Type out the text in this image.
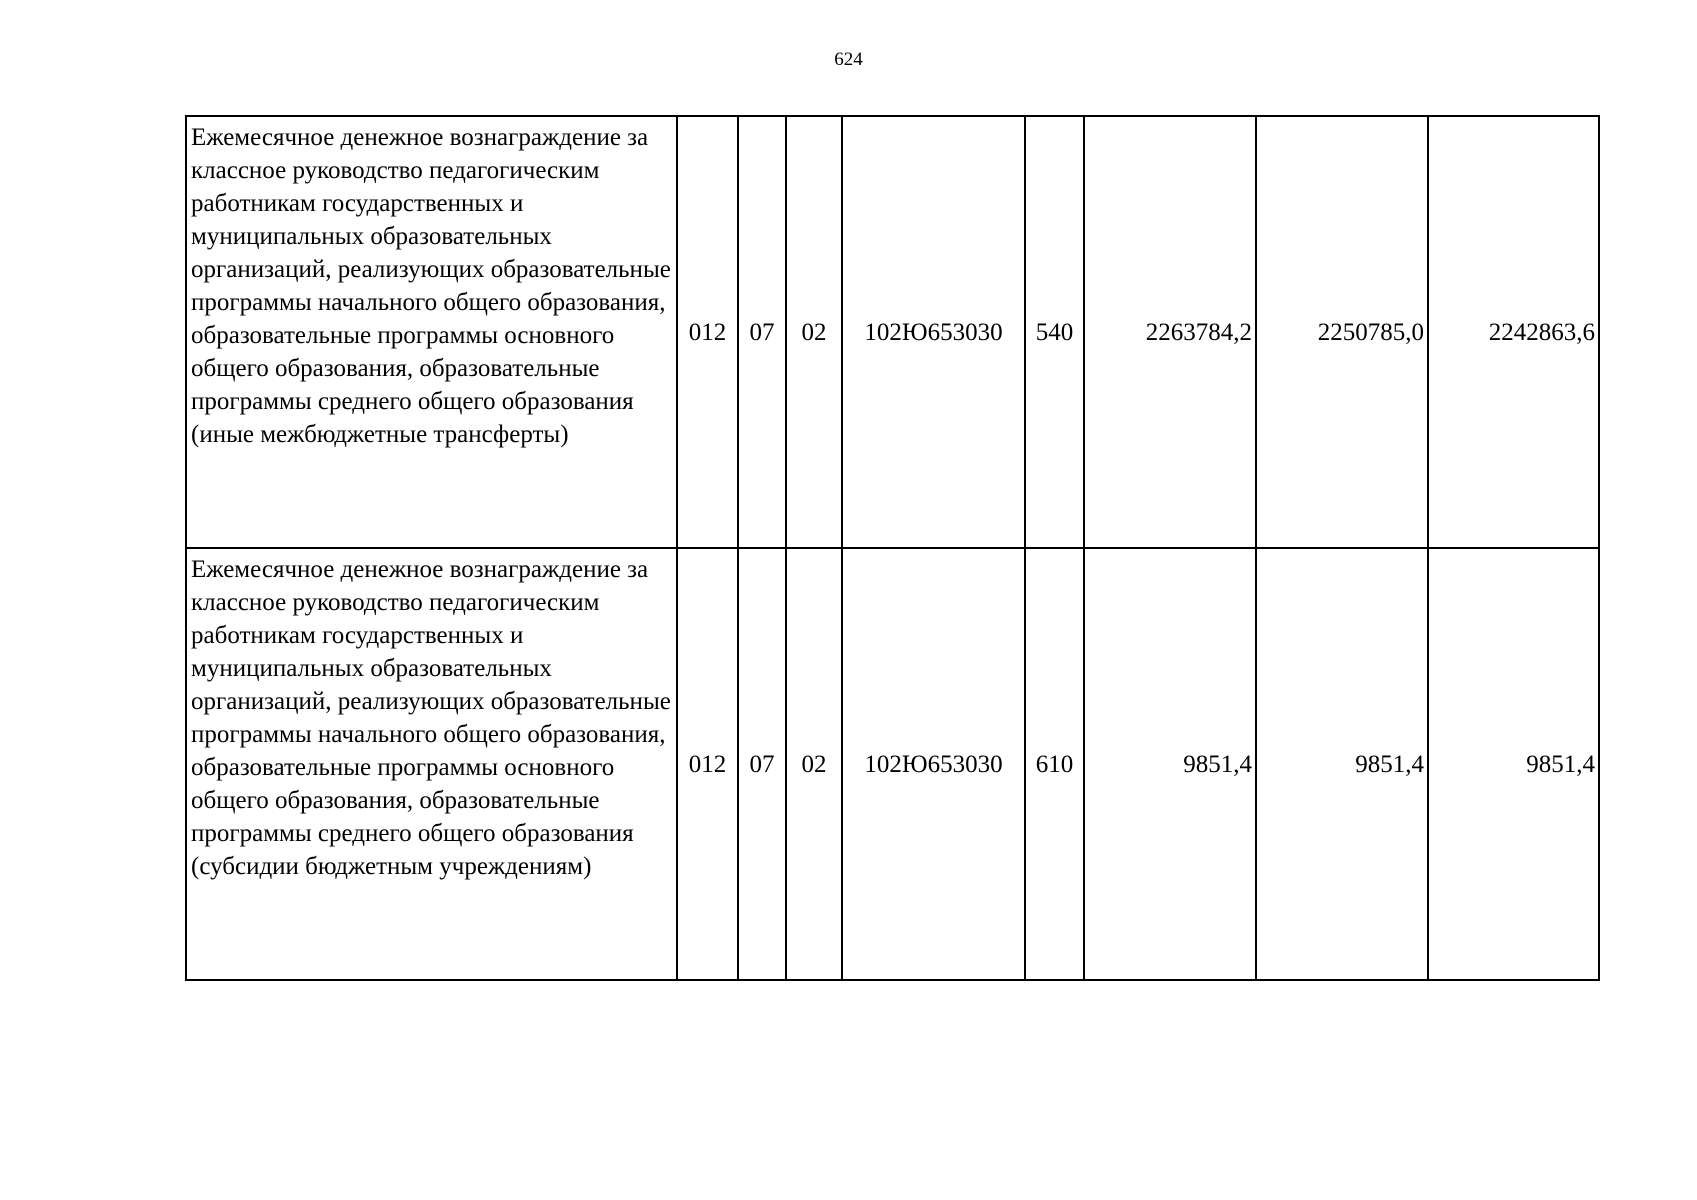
624
Ежемесячное денежное вознаграждение за классное руководство педагогическим работникам государственных и муниципальных образовательных организаций, реализующих образовательные программы начального общего образования, образовательные программы основного общего образования, образовательные программы среднего общего образования (иные межбюджетные трансферты)	012	07	02	102Ю653030	540	2263784,2	2250785,0	2242863,6
Ежемесячное денежное вознаграждение за классное руководство педагогическим работникам государственных и муниципальных образовательных организаций, реализующих образовательные программы начального общего образования, образовательные программы основного общего образования, образовательные программы среднего общего образования (субсидии бюджетным учреждениям)	012	07	02	102Ю653030	610	9851,4	9851,4	9851,4
